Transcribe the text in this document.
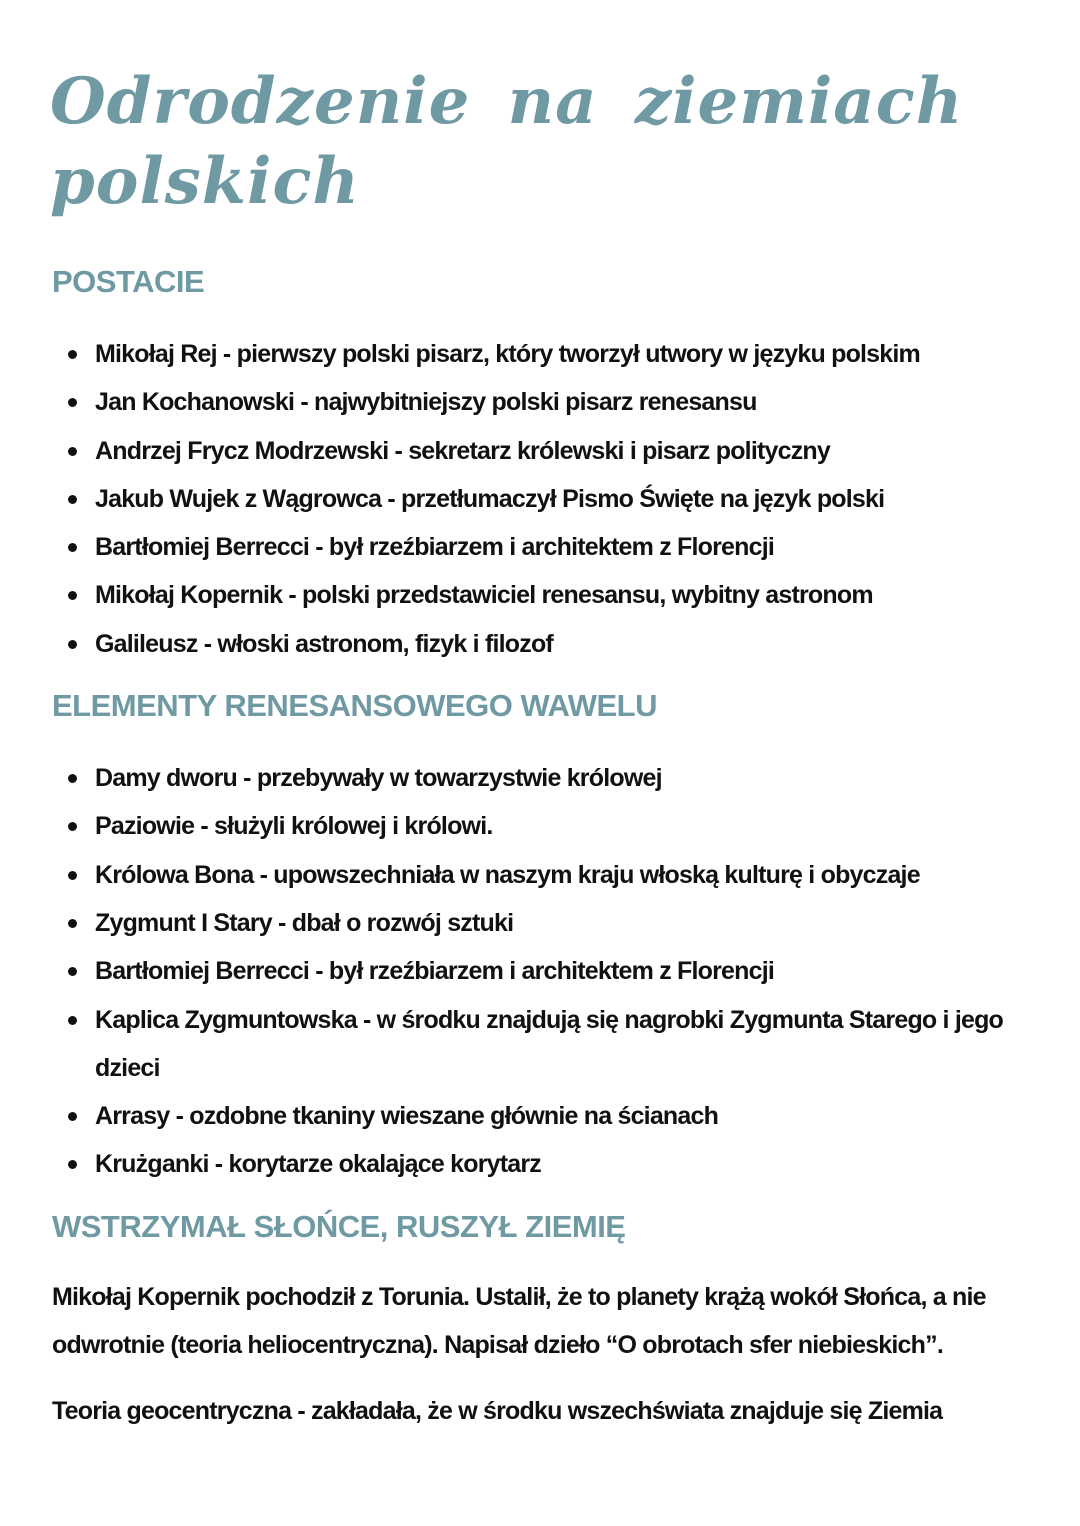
Odrodzenie na ziemiach polskich
POSTACIE
Mikołaj Rej - pierwszy polski pisarz, który tworzył utwory w języku polskim
Jan Kochanowski - najwybitniejszy polski pisarz renesansu
Andrzej Frycz Modrzewski - sekretarz królewski i pisarz polityczny
Jakub Wujek z Wągrowca - przetłumaczył Pismo Święte na język polski
Bartłomiej Berrecci - był rzeźbiarzem i architektem z Florencji
Mikołaj Kopernik - polski przedstawiciel renesansu, wybitny astronom
Galileusz - włoski astronom, fizyk i filozof
ELEMENTY RENESANSOWEGO WAWELU
Damy dworu - przebywały w towarzystwie królowej
Paziowie - służyli królowej i królowi.
Królowa Bona - upowszechniała w naszym kraju włoską kulturę i obyczaje
Zygmunt I Stary - dbał o rozwój sztuki
Bartłomiej Berrecci - był rzeźbiarzem i architektem z Florencji
Kaplica Zygmuntowska - w środku znajdują się nagrobki Zygmunta Starego i jego dzieci
Arrasy - ozdobne tkaniny wieszane głównie na ścianach
Krużganki - korytarze okalające korytarz
WSTRZYMAŁ SŁOŃCE, RUSZYŁ ZIEMIĘ

Mikołaj Kopernik pochodził z Torunia. Ustalił, że to planety krążą wokół Słońca, a nie odwrotnie (teoria heliocentryczna). Napisał dzieło “O obrotach sfer niebieskich”.

Teoria geocentryczna - zakładała, że w środku wszechświata znajduje się Ziemia
